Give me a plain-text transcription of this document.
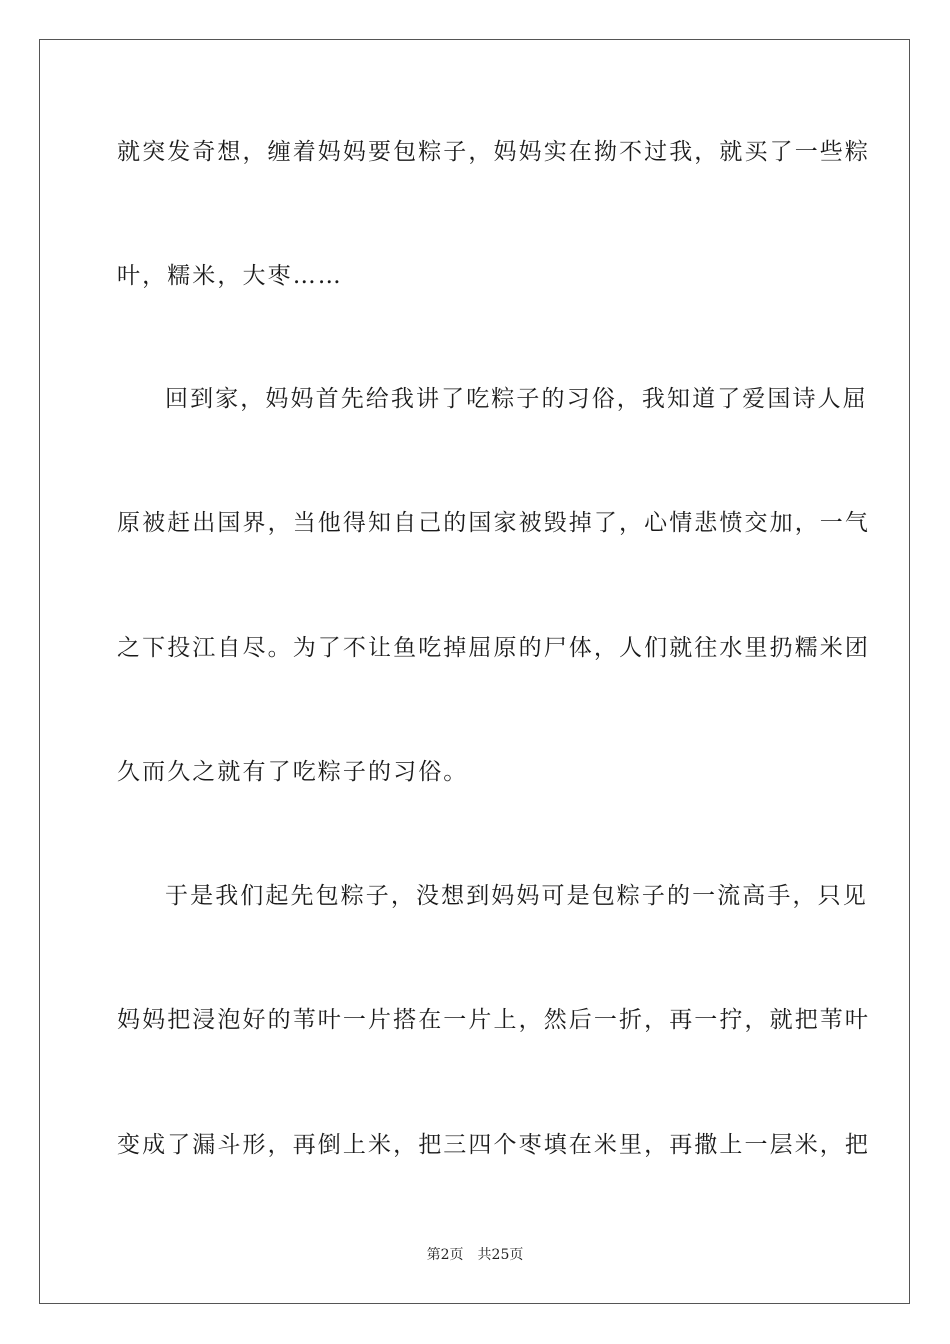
就突发奇想，缠着妈妈要包粽子，妈妈实在拗不过我，就买了一些粽
叶，糯米，大枣……
回到家，妈妈首先给我讲了吃粽子的习俗，我知道了爱国诗人屈
原被赶出国界，当他得知自己的国家被毁掉了，心情悲愤交加，一气
之下投江自尽。为了不让鱼吃掉屈原的尸体，人们就往水里扔糯米团
久而久之就有了吃粽子的习俗。
于是我们起先包粽子，没想到妈妈可是包粽子的一流高手，只见
妈妈把浸泡好的苇叶一片搭在一片上，然后一折，再一拧，就把苇叶
变成了漏斗形，再倒上米，把三四个枣填在米里，再撒上一层米，把
第2页 共25页
